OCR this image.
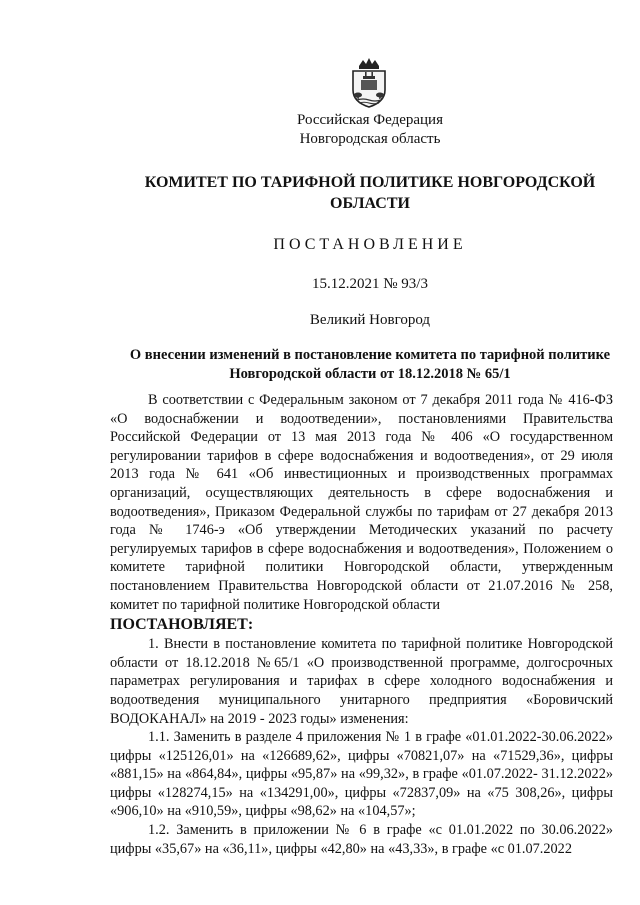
Российская Федерация
Новгородская область
КОМИТЕТ ПО ТАРИФНОЙ ПОЛИТИКЕ НОВГОРОДСКОЙ ОБЛАСТИ
ПОСТАНОВЛЕНИЕ
15.12.2021 № 93/3
Великий Новгород
О внесении изменений в постановление комитета по тарифной политике Новгородской области от 18.12.2018 № 65/1

В соответствии с Федеральным законом от 7 декабря 2011 года № 416-ФЗ «О водоснабжении и водоотведении», постановлениями Правительства Российской Федерации от 13 мая 2013 года № 406 «О государственном регулировании тарифов в сфере водоснабжения и водоотведения», от 29 июля 2013 года № 641 «Об инвестиционных и производственных программах организаций, осуществляющих деятельность в сфере водоснабжения и водоотведения», Приказом Федеральной службы по тарифам от 27 декабря 2013 года № 1746-э «Об утверждении Методических указаний по расчету регулируемых тарифов в сфере водоснабжения и водоотведения», Положением о комитете тарифной политики Новгородской области, утвержденным постановлением Правительства Новгородской области от 21.07.2016 № 258, комитет по тарифной политике Новгородской области

ПОСТАНОВЛЯЕТ:

1. Внести в постановление комитета по тарифной политике Новгородской области от 18.12.2018 №65/1 «О производственной программе, долгосрочных параметрах регулирования и тарифах в сфере холодного водоснабжения и водоотведения муниципального унитарного предприятия «Боровичский ВОДОКАНАЛ» на 2019 - 2023 годы» изменения:

1.1. Заменить в разделе 4 приложения № 1 в графе «01.01.2022-30.06.2022» цифры «125126,01» на «126689,62», цифры «70821,07» на «71529,36», цифры «881,15» на «864,84», цифры «95,87» на «99,32», в графе «01.07.2022- 31.12.2022» цифры «128274,15» на «134291,00», цифры «72837,09» на «75 308,26», цифры «906,10» на «910,59», цифры «98,62» на «104,57»;

1.2. Заменить в приложении № 6 в графе «с 01.01.2022 по 30.06.2022» цифры «35,67» на «36,11», цифры «42,80» на «43,33», в графе «с 01.07.2022
